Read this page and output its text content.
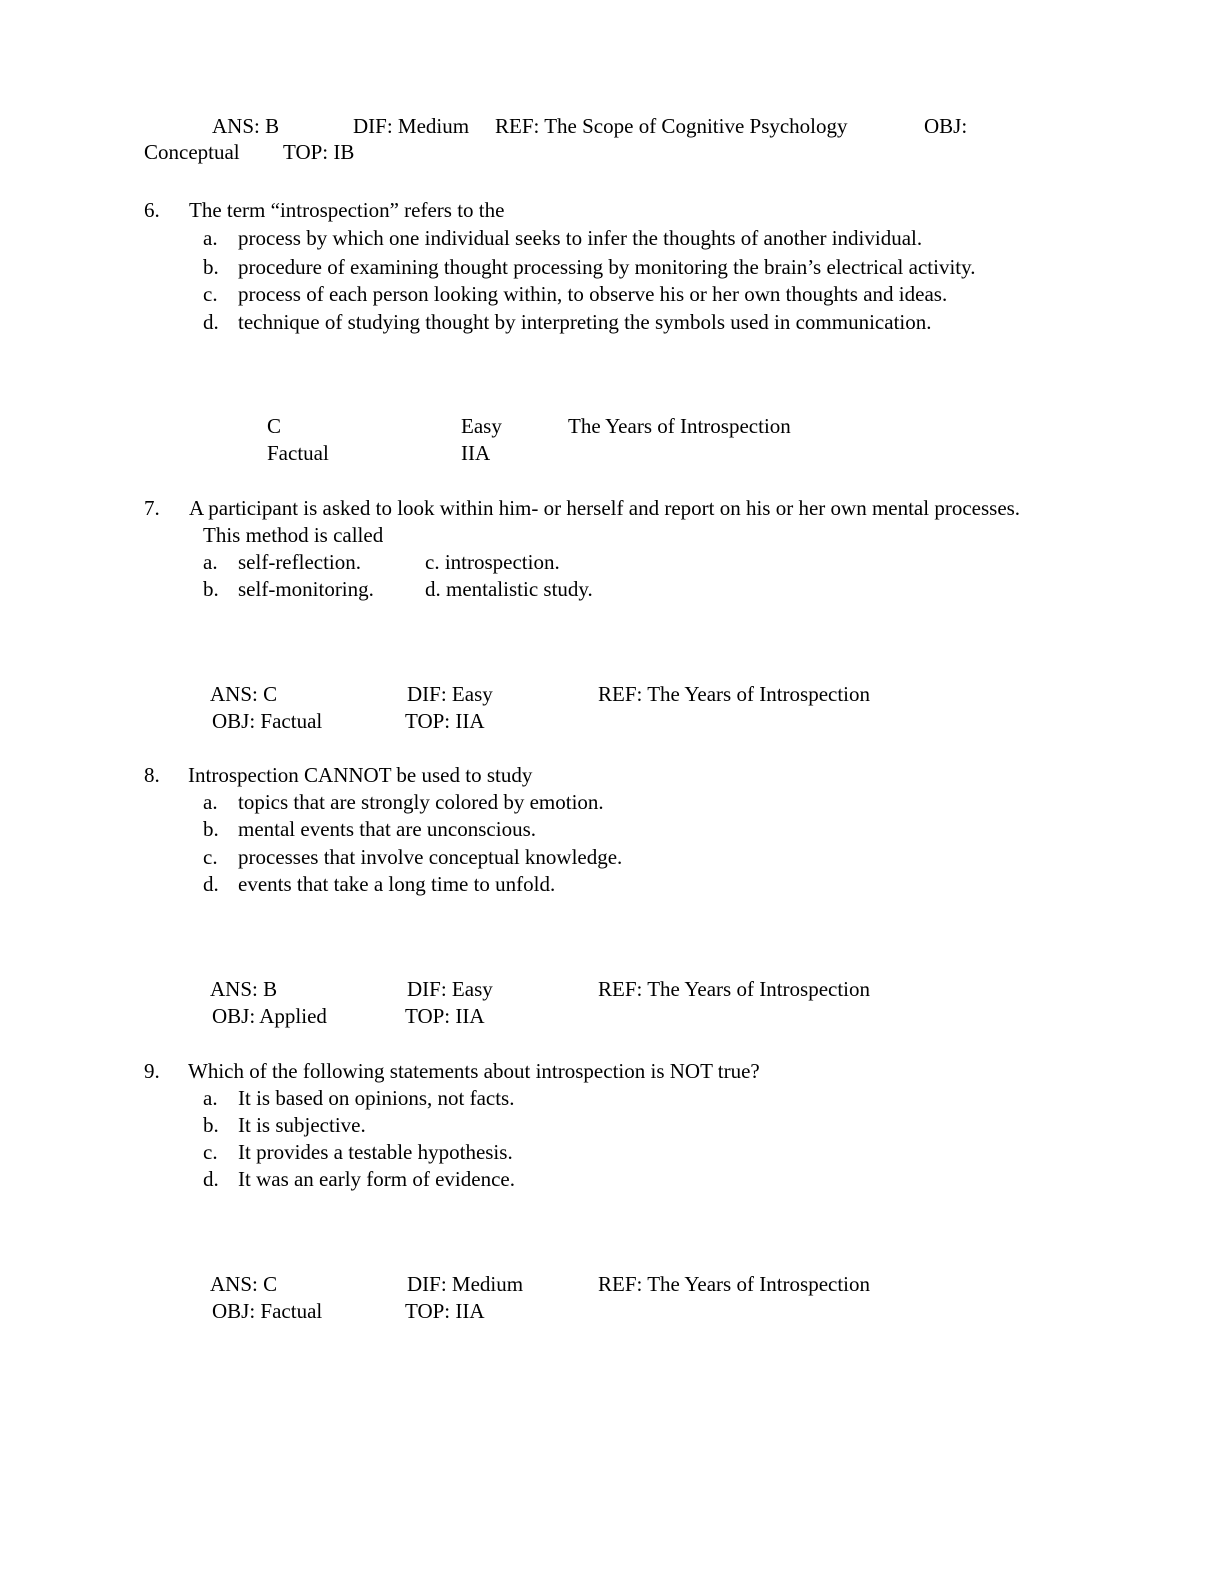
ANS: B	DIF: Medium REF: The Scope of Cognitive Psychology	OBJ:
Conceptual TOP: IB
6. The term “introspection” refers to the
a. process by which one individual seeks to infer the thoughts of another individual.
b. procedure of examining thought processing by monitoring the brain’s electrical activity.
c. process of each person looking within, to observe his or her own thoughts and ideas.
d. technique of studying thought by interpreting the symbols used in communication.
C	Easy	The Years of Introspection
Factual	IIA
7. A participant is asked to look within him- or herself and report on his or her own mental processes.
This method is called
a. self-reflection.
b. self-monitoring.
c. introspection.
d. mentalistic study.
ANS: C	DIF: Easy	REF: The Years of Introspection
OBJ: Factual	TOP: IIA
8. Introspection CANNOT be used to study
a. topics that are strongly colored by emotion.
b. mental events that are unconscious.
c. processes that involve conceptual knowledge.
d. events that take a long time to unfold.
ANS: B	DIF: Easy	REF: The Years of Introspection
OBJ: Applied	TOP: IIA
9. Which of the following statements about introspection is NOT true?
a. It is based on opinions, not facts.
b. It is subjective.
c. It provides a testable hypothesis.
d. It was an early form of evidence.
ANS: C	DIF: Medium	REF: The Years of Introspection
OBJ: Factual	TOP: IIA
